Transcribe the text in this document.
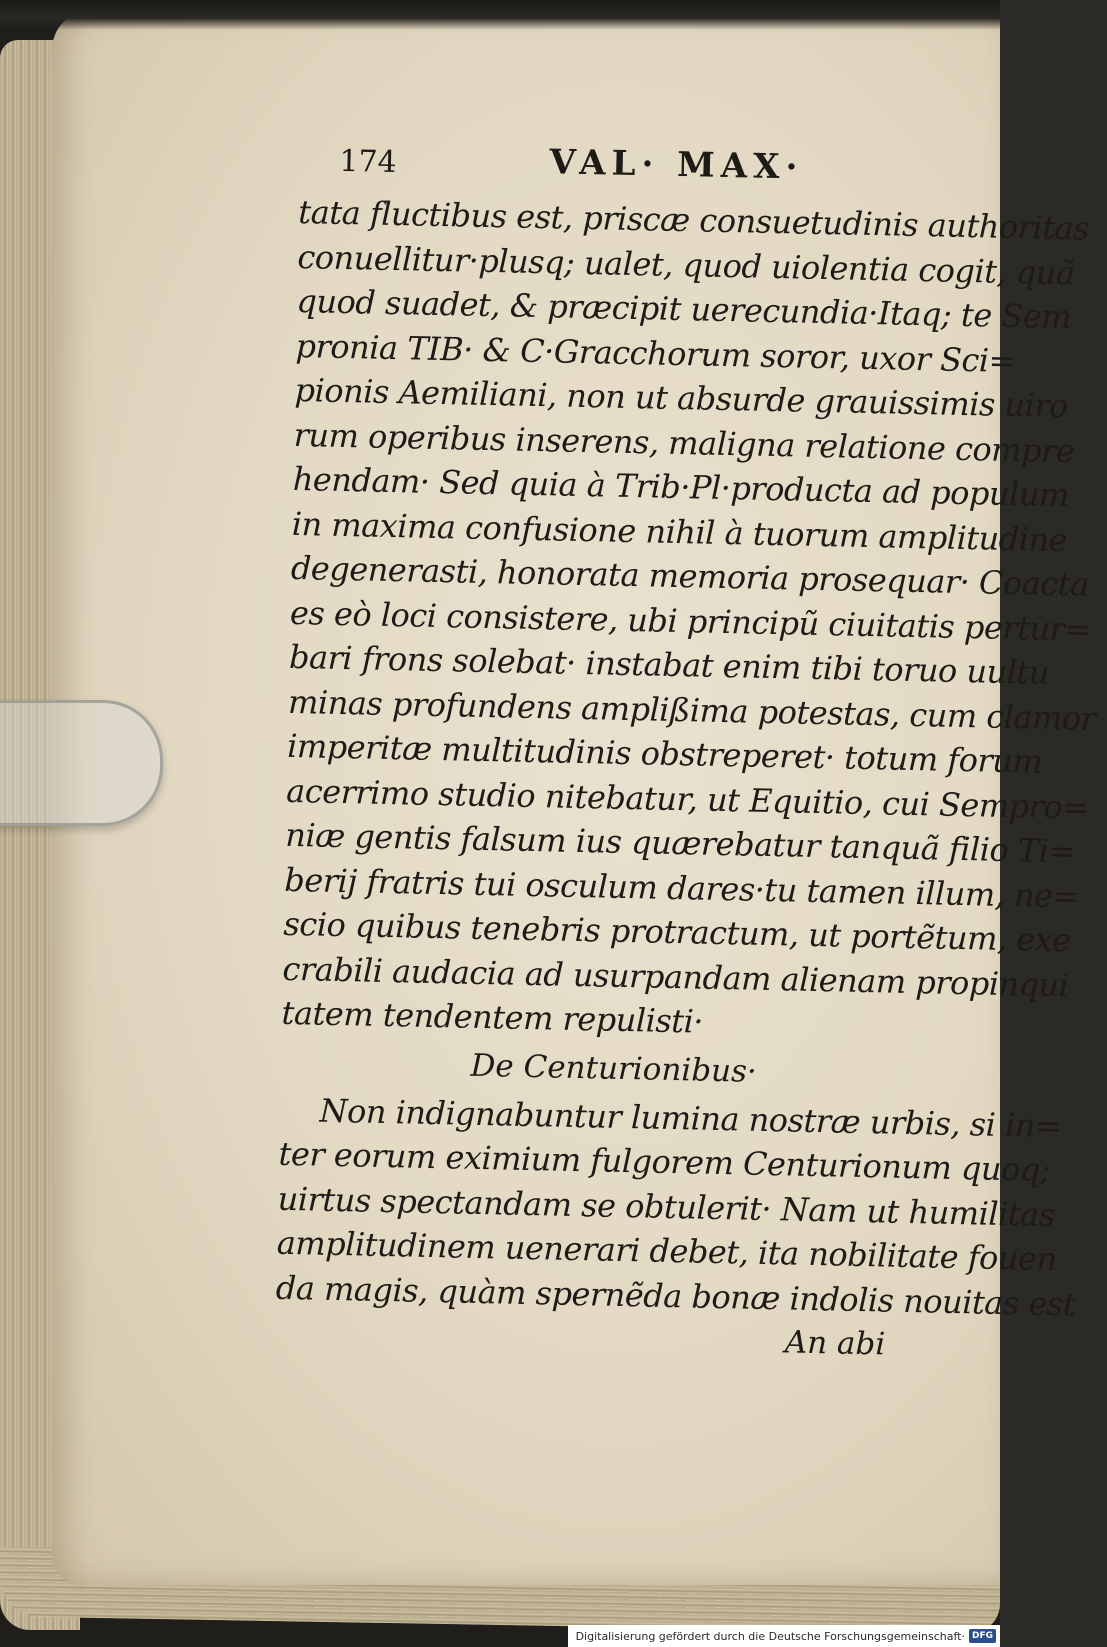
174	VAL· MAX·
tata fluctibus est, priscæ consuetudinis authoritas
conuellitur·plusq; ualet, quod uiolentia cogit, quã
quod suadet, & præcipit uerecundia·Itaq; te Sem
pronia TIB· & C·Gracchorum soror, uxor Sci=
pionis Aemiliani, non ut absurde grauissimis uiro
rum operibus inserens, maligna relatione compre
hendam· Sed quia à Trib·Pl·producta ad populum
in maxima confusione nihil à tuorum amplitudine
degenerasti, honorata memoria prosequar· Coacta
es eò loci consistere, ubi principũ ciuitatis pertur=
bari frons solebat· instabat enim tibi toruo uultu
minas profundens amplißima potestas, cum clamor
imperitæ multitudinis obstreperet· totum forum
acerrimo studio nitebatur, ut Equitio, cui Sempro=
niæ gentis falsum ius quærebatur tanquã filio Ti=
berij fratris tui osculum dares·tu tamen illum, ne=
scio quibus tenebris protractum, ut portẽtum, exe
crabili audacia ad usurpandam alienam propinqui
tatem tendentem repulisti·
De Centurionibus·
Non indignabuntur lumina nostræ urbis, si in=
ter eorum eximium fulgorem Centurionum quoq;
uirtus spectandam se obtulerit· Nam ut humilitas
amplitudinem uenerari debet, ita nobilitate fouen
da magis, quàm spernẽda bonæ indolis nouitas est
An abi
Digitalisierung gefördert durch die Deutsche Forschungsgemeinschaft· DFG
